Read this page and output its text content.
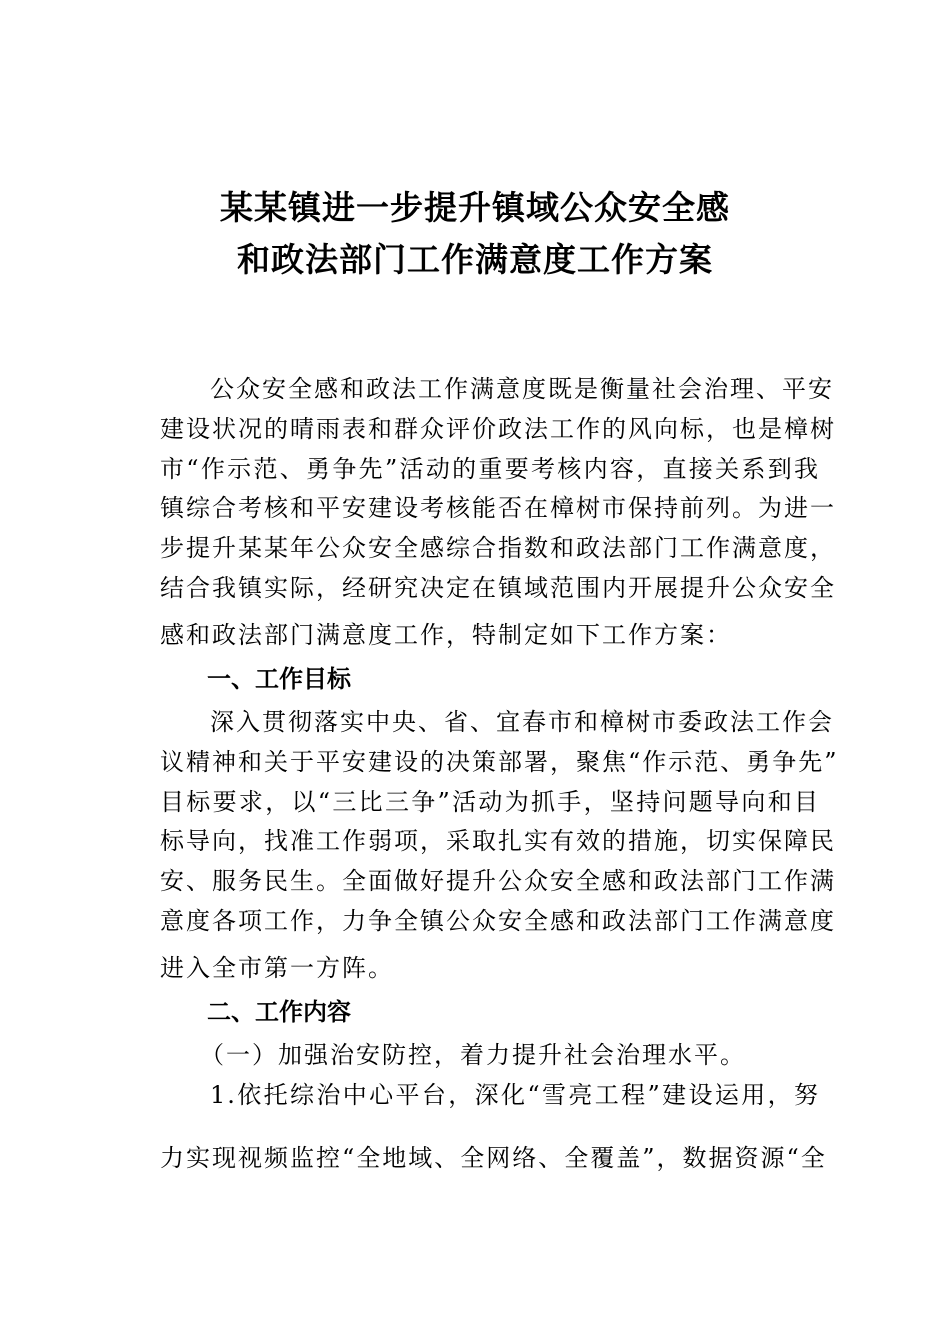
某某镇进一步提升镇域公众安全感
和政法部门工作满意度工作方案
公众安全感和政法工作满意度既是衡量社会治理、平安
建设状况的晴雨表和群众评价政法工作的风向标，也是樟树
市“作示范、勇争先”活动的重要考核内容，直接关系到我
镇综合考核和平安建设考核能否在樟树市保持前列。为进一
步提升某某年公众安全感综合指数和政法部门工作满意度，
结合我镇实际，经研究决定在镇域范围内开展提升公众安全
感和政法部门满意度工作，特制定如下工作方案：
一、工作目标
深入贯彻落实中央、省、宜春市和樟树市委政法工作会
议精神和关于平安建设的决策部署，聚焦“作示范、勇争先”
目标要求，以“三比三争”活动为抓手，坚持问题导向和目
标导向，找准工作弱项，采取扎实有效的措施，切实保障民
安、服务民生。全面做好提升公众安全感和政法部门工作满
意度各项工作，力争全镇公众安全感和政法部门工作满意度
进入全市第一方阵。
二、工作内容
（一）加强治安防控，着力提升社会治理水平。
1.依托综治中心平台，深化“雪亮工程”建设运用，努
力实现视频监控“全地域、全网络、全覆盖”，数据资源“全
